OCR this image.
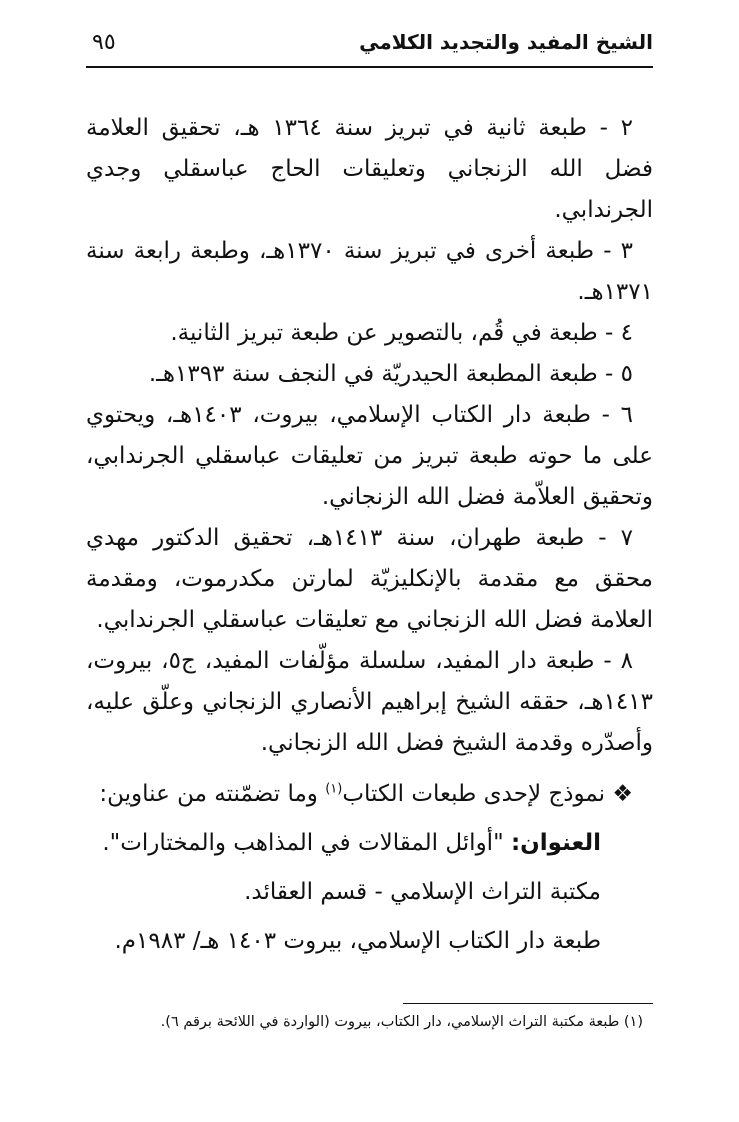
الشيخ المفيد والتجديد الكلامي
٩٥

٢ - طبعة ثانية في تبريز سنة ١٣٦٤ هـ، تحقيق العلامة فضل الله الزنجاني وتعليقات الحاج عباسقلي وجدي الجرندابي.

٣ - طبعة أخرى في تبريز سنة ١٣٧٠هـ، وطبعة رابعة سنة ١٣٧١هـ.

٤ - طبعة في قُم، بالتصوير عن طبعة تبريز الثانية.

٥ - طبعة المطبعة الحيدريّة في النجف سنة ١٣٩٣هـ.

٦ - طبعة دار الكتاب الإسلامي، بيروت، ١٤٠٣هـ، ويحتوي على ما حوته طبعة تبريز من تعليقات عباسقلي الجرندابي، وتحقيق العلاّمة فضل الله الزنجاني.

٧ - طبعة طهران، سنة ١٤١٣هـ، تحقيق الدكتور مهدي محقق مع مقدمة بالإنكليزيّة لمارتن مكدرموت، ومقدمة العلامة فضل الله الزنجاني مع تعليقات عباسقلي الجرندابي.

٨ - طبعة دار المفيد، سلسلة مؤلّفات المفيد، ج٥، بيروت، ١٤١٣هـ، حققه الشيخ إبراهيم الأنصاري الزنجاني وعلّق عليه، وأصدّره وقدمة الشيخ فضل الله الزنجاني.

❖ نموذج لإحدى طبعات الكتاب$^{(١)}$ وما تضمّنته من عناوين:

العنوان: "أوائل المقالات في المذاهب والمختارات".

مكتبة التراث الإسلامي - قسم العقائد.

طبعة دار الكتاب الإسلامي، بيروت ١٤٠٣ هـ/ ١٩٨٣م.

(١) طبعة مكتبة التراث الإسلامي، دار الكتاب، بيروت (الواردة في اللائحة برقم ٦).
